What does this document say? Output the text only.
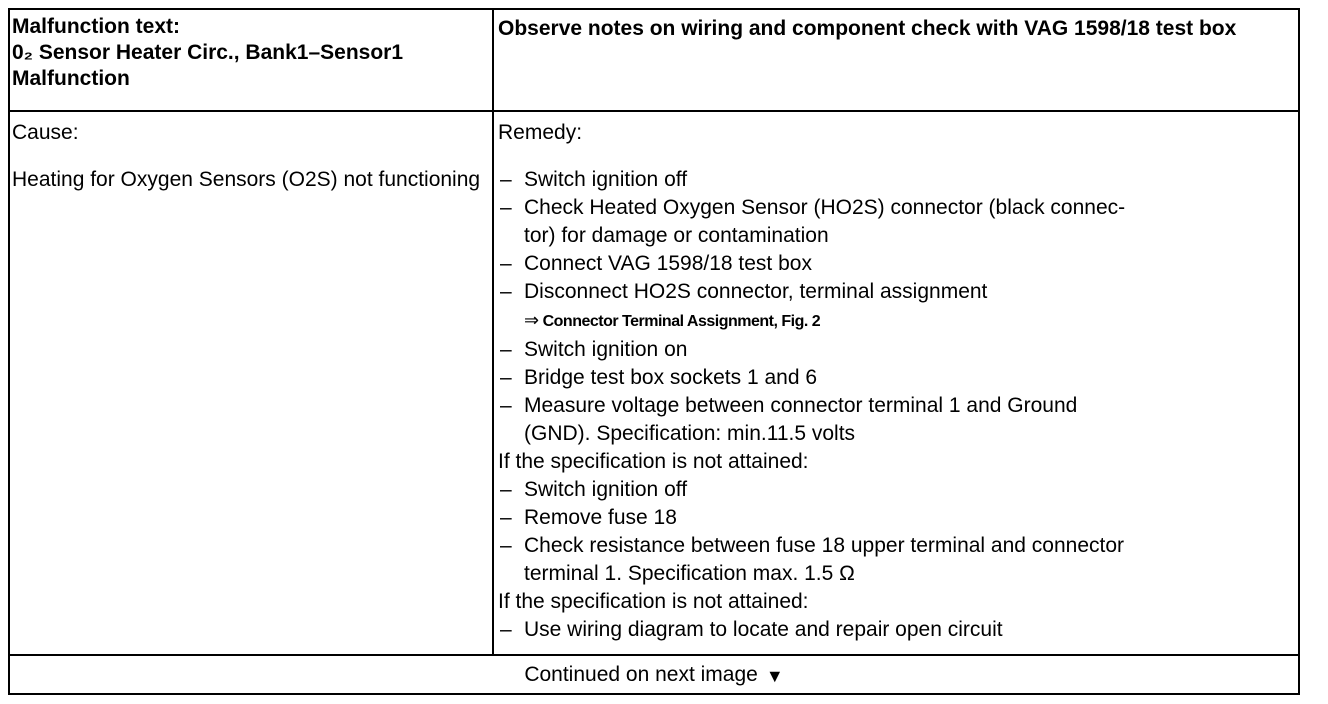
Malfunction text:
0₂ Sensor Heater Circ., Bank1–Sensor1
Malfunction
Observe notes on wiring and component check with VAG 1598/18 test box
Cause:
Heating for Oxygen Sensors (O2S) not functioning
Remedy:
– Switch ignition off
– Check Heated Oxygen Sensor (HO2S) connector (black connec-
tor) for damage or contamination
– Connect VAG 1598/18 test box
– Disconnect HO2S connector, terminal assignment
⇒ Connector Terminal Assignment, Fig. 2
– Switch ignition on
– Bridge test box sockets 1 and 6
– Measure voltage between connector terminal 1 and Ground
(GND). Specification: min.11.5 volts
If the specification is not attained:
– Switch ignition off
– Remove fuse 18
– Check resistance between fuse 18 upper terminal and connector
terminal 1. Specification max. 1.5 Ω
If the specification is not attained:
– Use wiring diagram to locate and repair open circuit
Continued on next image ▼
